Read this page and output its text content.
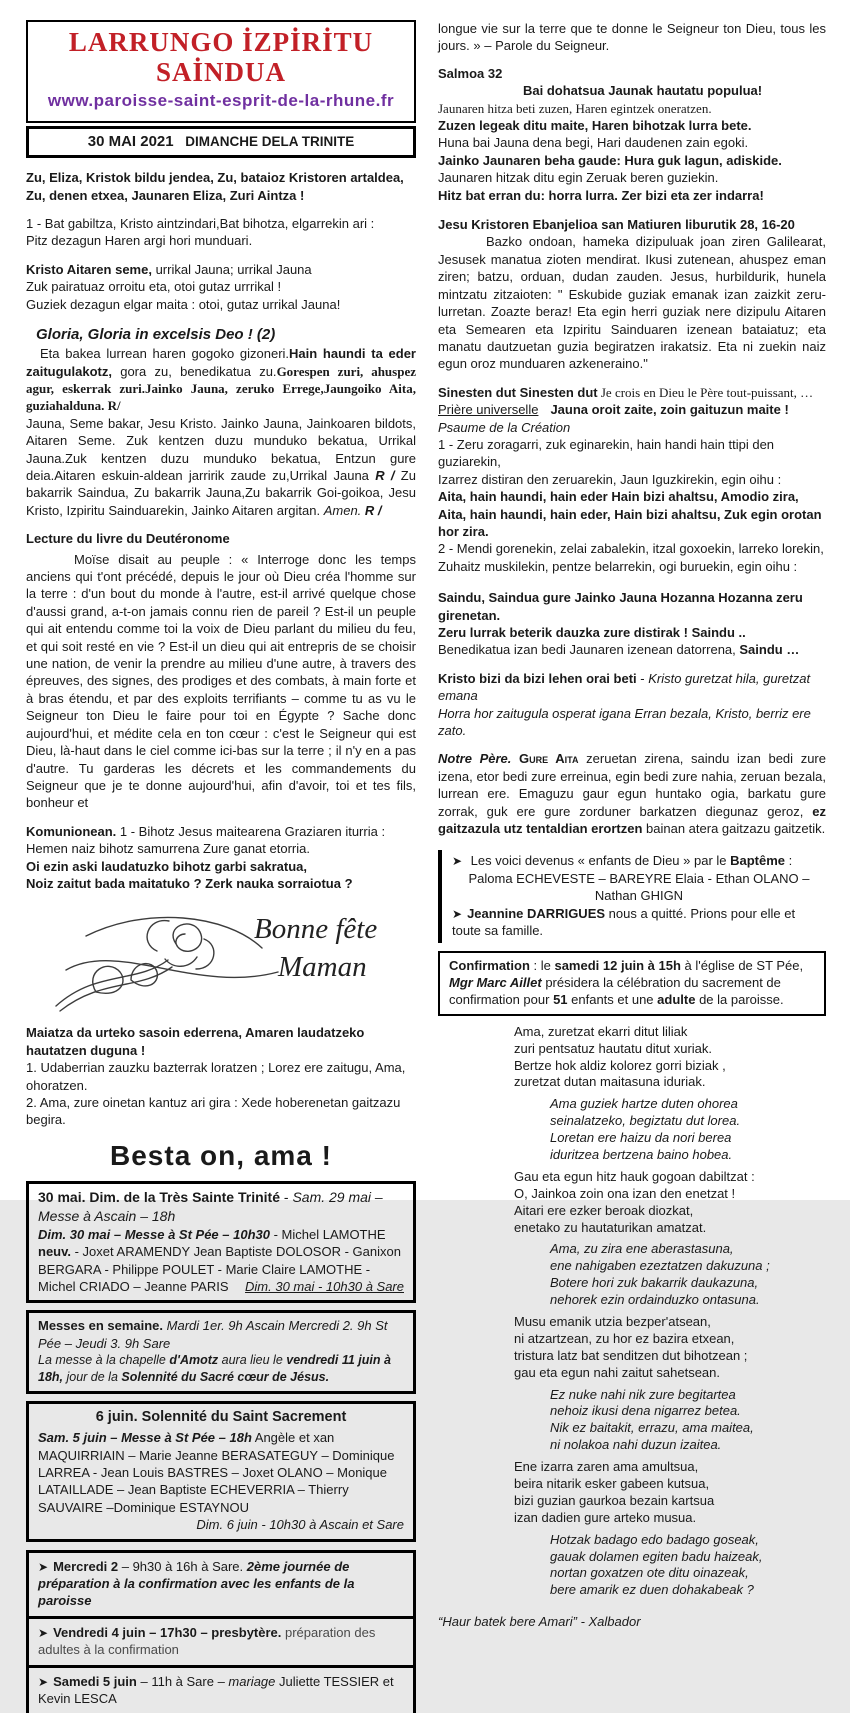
LARRUNGO İZPİRİTU SAİNDUA
www.paroisse-saint-esprit-de-la-rhune.fr
30 MAI 2021 DIMANCHE DELA TRINITE
Zu, Eliza, Kristok bildu jendea, Zu, bataioz Kristoren artaldea,
Zu, denen etxea, Jaunaren Eliza, Zuri Aintza !
1 - Bat gabiltza, Kristo aintzindari,Bat bihotza, elgarrekin ari :
Pitz dezagun Haren argi hori munduari.
Kristo Aitaren seme, urrikal Jauna; urrikal Jauna
Zuk pairatuaz orroitu eta, otoi gutaz urrrikal !
Guziek dezagun elgar maita : otoi, gutaz urrikal Jauna!
Gloria, Gloria in excelsis Deo ! (2)
Eta bakea lurrean haren gogoko gizoneri.Hain haundi ta eder zaitugulakotz, gora zu, benedikatua zu.Gorespen zuri, ahuspez agur, eskerrak zuri.Jainko Jauna, zeruko Errege,Jaungoiko Aita, guziahalduna. R/
Jauna, Seme bakar, Jesu Kristo. Jainko Jauna, Jainkoaren bildots, Aitaren Seme. Zuk kentzen duzu munduko bekatua, Urrikal Jauna.Zuk kentzen duzu munduko bekatua, Entzun gure deia.Aitaren eskuin-aldean jarririk zaude zu,Urrikal Jauna R / Zu bakarrik Saindua, Zu bakarrik Jauna,Zu bakarrik Goi-goikoa, Jesu Kristo, Izpiritu Sainduarekin, Jainko Aitaren argitan. Amen. R /
Lecture du livre du Deutéronome
Moïse disait au peuple : « Interroge donc les temps anciens qui t'ont précédé, depuis le jour où Dieu créa l'homme sur la terre : d'un bout du monde à l'autre, est-il arrivé quelque chose d'aussi grand, a-t-on jamais connu rien de pareil ? Est-il un peuple qui ait entendu comme toi la voix de Dieu parlant du milieu du feu, et qui soit resté en vie ? Est-il un dieu qui ait entrepris de se choisir une nation, de venir la prendre au milieu d'une autre, à travers des épreuves, des signes, des prodiges et des combats, à main forte et à bras étendu, et par des exploits terrifiants – comme tu as vu le Seigneur ton Dieu le faire pour toi en Égypte ? Sache donc aujourd'hui, et médite cela en ton cœur : c'est le Seigneur qui est Dieu, là-haut dans le ciel comme ici-bas sur la terre ; il n'y en a pas d'autre. Tu garderas les décrets et les commandements du Seigneur que je te donne aujourd'hui, afin d'avoir, toi et tes fils, bonheur et
Komunionean. 1 - Bihotz Jesus maitearena Graziaren iturria :
Hemen naiz bihotz samurrena Zure ganat etorria.
Oi ezin aski laudatuzko bihotz garbi sakratua,
Noiz zaitut bada maitatuko ? Zerk nauka sorraiotua ?
Bonne fête
Maman
Maiatza da urteko sasoin ederrena, Amaren laudatzeko hautatzen duguna !
1. Udaberrian zauzku bazterrak loratzen ; Lorez ere zaitugu, Ama, ohoratzen.
2. Ama, zure oinetan kantuz ari gira : Xede hoberenetan gaitzazu begira.
Besta on, ama !
30 mai. Dim. de la Très Sainte Trinité - Sam. 29 mai – Messe à Ascain – 18h
Dim. 30 mai – Messe à St Pée – 10h30 - Michel LAMOTHE neuv. - Joxet ARAMENDY Jean Baptiste DOLOSOR - Ganixon BERGARA - Philippe POULET - Marie Claire LAMOTHE - Michel CRIADO – Jeanne PARIS Dim. 30 mai - 10h30 à Sare
Messes en semaine. Mardi 1er. 9h Ascain Mercredi 2. 9h St Pée – Jeudi 3. 9h Sare
La messe à la chapelle d'Amotz aura lieu le vendredi 11 juin à 18h, jour de la Solennité du Sacré cœur de Jésus.
6 juin. Solennité du Saint Sacrement
Sam. 5 juin – Messe à St Pée – 18h Angèle et xan MAQUIRRIAIN – Marie Jeanne BERASATEGUY – Dominique LARREA - Jean Louis BASTRES – Joxet OLANO – Monique LATAILLADE – Jean Baptiste ECHEVERRIA – Thierry SAUVAIRE –Dominique ESTAYNOU
Dim. 6 juin - 10h30 à Ascain et Sare
➤ Mercredi 2 – 9h30 à 16h à Sare. 2ème journée de préparation à la confirmation avec les enfants de la paroisse
➤ Vendredi 4 juin – 17h30 – presbytère. préparation des adultes à la confirmation
➤ Samedi 5 juin – 11h à Sare – mariage Juliette TESSIER et Kevin LESCA
longue vie sur la terre que te donne le Seigneur ton Dieu, tous les jours. » – Parole du Seigneur.
Salmoa 32
Bai dohatsua Jaunak hautatu populua!
Jaunaren hitza beti zuzen, Haren egintzek oneratzen.
Zuzen legeak ditu maite, Haren bihotzak lurra bete.
Huna bai Jauna dena begi, Hari daudenen zain egoki.
Jainko Jaunaren beha gaude: Hura guk lagun, adiskide.
Jaunaren hitzak ditu egin Zeruak beren guziekin.
Hitz bat erran du: horra lurra. Zer bizi eta zer indarra!
Jesu Kristoren Ebanjelioa san Matiuren liburutik 28, 16-20
Bazko ondoan, hameka dizipuluak joan ziren Galilearat, Jesusek manatua zioten mendirat. Ikusi zutenean, ahuspez eman ziren; batzu, orduan, dudan zauden. Jesus, hurbildurik, hunela mintzatu zitzaioten: " Eskubide guziak emanak izan zaizkit zeru-lurretan. Zoazte beraz! Eta egin herri guziak nere dizipulu Aitaren eta Semearen eta Izpiritu Sainduaren izenean bataiatuz; eta manatu dautzuetan guzia begiratzen irakatsiz. Eta ni zuekin naiz egun oroz munduaren azkeneraino."
Sinesten dut Sinesten dut Je crois en Dieu le Père tout-puissant, …
Prière universelle Jauna oroit zaite, zoin gaituzun maite !
Psaume de la Création
1 - Zeru zoragarri, zuk eginarekin, hain handi hain ttipi den guziarekin,
Izarrez distiran den zeruarekin, Jaun Iguzkirekin, egin oihu :
Aita, hain haundi, hain eder Hain bizi ahaltsu, Amodio zira,
Aita, hain haundi, hain eder, Hain bizi ahaltsu, Zuk egin orotan hor zira.
2 - Mendi gorenekin, zelai zabalekin, itzal goxoekin, larreko lorekin,
Zuhaitz muskilekin, pentze belarrekin, ogi buruekin, egin oihu :
Saindu, Saindua gure Jainko Jauna Hozanna Hozanna zeru girenetan.
Zeru lurrak beterik dauzka zure distirak ! Saindu ..
Benedikatua izan bedi Jaunaren izenean datorrena, Saindu …
Kristo bizi da bizi lehen orai beti - Kristo guretzat hila, guretzat emana
Horra hor zaitugula osperat igana Erran bezala, Kristo, berriz ere zato.
Notre Père. Gure Aita zeruetan zirena, saindu izan bedi zure izena, etor bedi zure erreinua, egin bedi zure nahia, zeruan bezala, lurrean ere. Emaguzu gaur egun huntako ogia, barkatu gure zorrak, guk ere gure zorduner barkatzen diegunaz geroz, ez gaitzazula utz tentaldian erortzen bainan atera gaitzazu gaitzetik.
➤ Les voici devenus « enfants de Dieu » par le Baptême :
Paloma ECHEVESTE – BAREYRE Elaia - Ethan OLANO – Nathan GHIGN
➤ Jeannine DARRIGUES nous a quitté. Prions pour elle et toute sa famille.
Confirmation : le samedi 12 juin à 15h à l'église de ST Pée, Mgr Marc Aillet présidera la célébration du sacrement de confirmation pour 51 enfants et une adulte de la paroisse.
Ama, zuretzat ekarri ditut liliak
zuri pentsatuz hautatu ditut xuriak.
Bertze hok aldiz kolorez gorri biziak ,
zuretzat dutan maitasuna iduriak.
Ama guziek hartze duten ohorea
seinalatzeko, begiztatu dut lorea.
Loretan ere haizu da nori berea
iduritzea bertzena baino hobea.
Gau eta egun hitz hauk gogoan dabiltzat :
O, Jainkoa zoin ona izan den enetzat !
Aitari ere ezker beroak diozkat,
enetako zu hautaturikan amatzat.
Ama, zu zira ene aberastasuna,
ene nahigaben ezeztatzen dakuzuna ;
Botere hori zuk bakarrik daukazuna,
nehorek ezin ordainduzko ontasuna.
Musu emanik utzia bezper'atsean,
ni atzartzean, zu hor ez bazira etxean,
tristura latz bat senditzen dut bihotzean ;
gau eta egun nahi zaitut sahetsean.
Ez nuke nahi nik zure begitartea
nehoiz ikusi dena nigarrez betea.
Nik ez baitakit, errazu, ama maitea,
ni nolakoa nahi duzun izaitea.
Ene izarra zaren ama amultsua,
beira nitarik esker gabeen kutsua,
bizi guzian gaurkoa bezain kartsua
izan dadien gure arteko musua.
Hotzak badago edo badago goseak,
gauak dolamen egiten badu haizeak,
nortan goxatzen ote ditu oinazeak,
bere amarik ez duen dohakabeak ?
“Haur batek bere Amari” - Xalbador
